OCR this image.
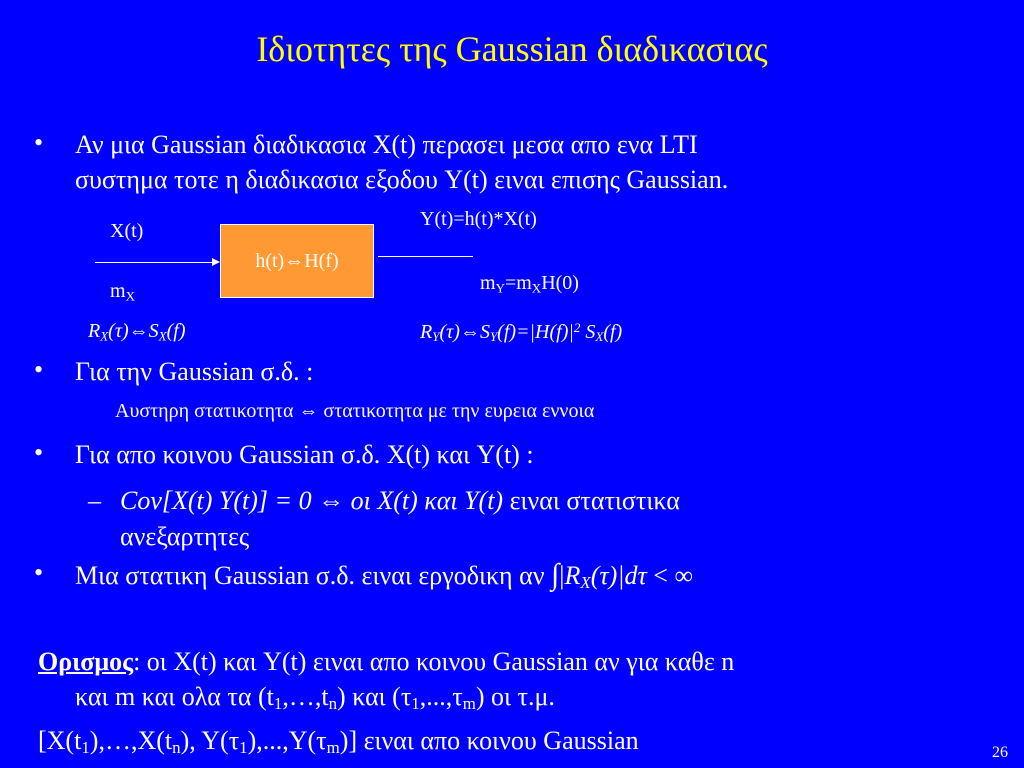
Ιδιοτητες της Gaussian διαδικασιας
• Αν μια Gaussian διαδικασια X(t) περασει μεσα απο ενα LTI
συστημα τοτε η διαδικασια εξοδου Y(t) ειναι επισης Gaussian.
X(t)
h(t) ⇔ H(f)
Y(t)=h(t)*X(t)
$m_X$
$m_Y=m_XH(0)$
$R_X(\tau)\Leftrightarrow S_X(f)$	$R_Y(\tau)\Leftrightarrow S_Y(f)=|H(f)|^2$ $S_X(f)$
• Για την Gaussian σ.δ. :
Αυστηρη στατικοτητα ⇔ στατικοτητα με την ευρεια εννοια
• Για απο κοινου Gaussian σ.δ. X(t) και Y(t) :
– Cov[X(t) Y(t)] = 0 ⇔ οι X(t) και Y(t) ειναι στατιστικα
ανεξαρτητες
• Μια στατικη Gaussian σ.δ. ειναι εργοδικη αν $\int|R_X(\tau)|d\tau$ < ∞
Ορισμος: οι X(t) και Y(t) ειναι απο κοινου Gaussian αν για καθε n
και m και ολα τα $(t_1,\dots,t_n)$ και $(\tau_1,...,\tau_m)$ οι τ.μ.
[$X(t_1),\dots,X(t_n)$, $Y(\tau_1),...,Y(\tau_m)$] ειναι απο κοινου Gaussian	26
